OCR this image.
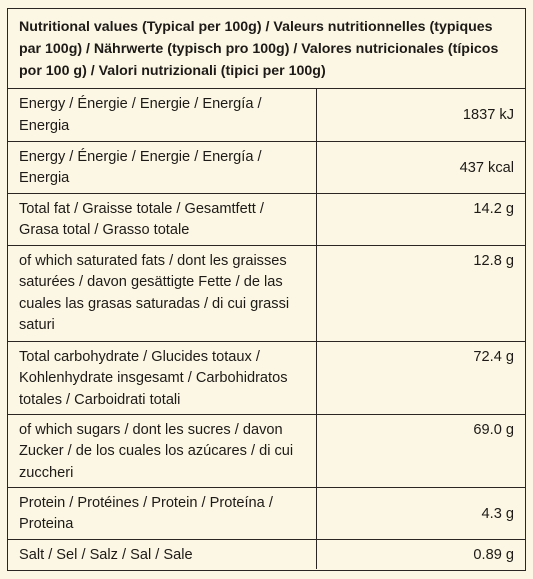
Nutritional values (Typical per 100g) / Valeurs nutritionnelles (typiques par 100g) / Nährwerte (typisch pro 100g) / Valores nutricionales (típicos por 100 g) / Valori nutrizionali (tipici per 100g)
Energy / Énergie / Energie / Energía / Energia	1837 kJ
Energy / Énergie / Energie / Energía / Energia	437 kcal
Total fat / Graisse totale / Gesamtfett / Grasa total / Grasso totale	14.2 g
of which saturated fats / dont les graisses saturées / davon gesättigte Fette / de las cuales las grasas saturadas / di cui grassi saturi	12.8 g
Total carbohydrate / Glucides totaux / Kohlenhydrate insgesamt / Carbohidratos totales / Carboidrati totali	72.4 g
of which sugars / dont les sucres / davon Zucker / de los cuales los azúcares / di cui zuccheri	69.0 g
Protein / Protéines / Protein / Proteína / Proteina	4.3 g
Salt / Sel / Salz / Sal / Sale	0.89 g
